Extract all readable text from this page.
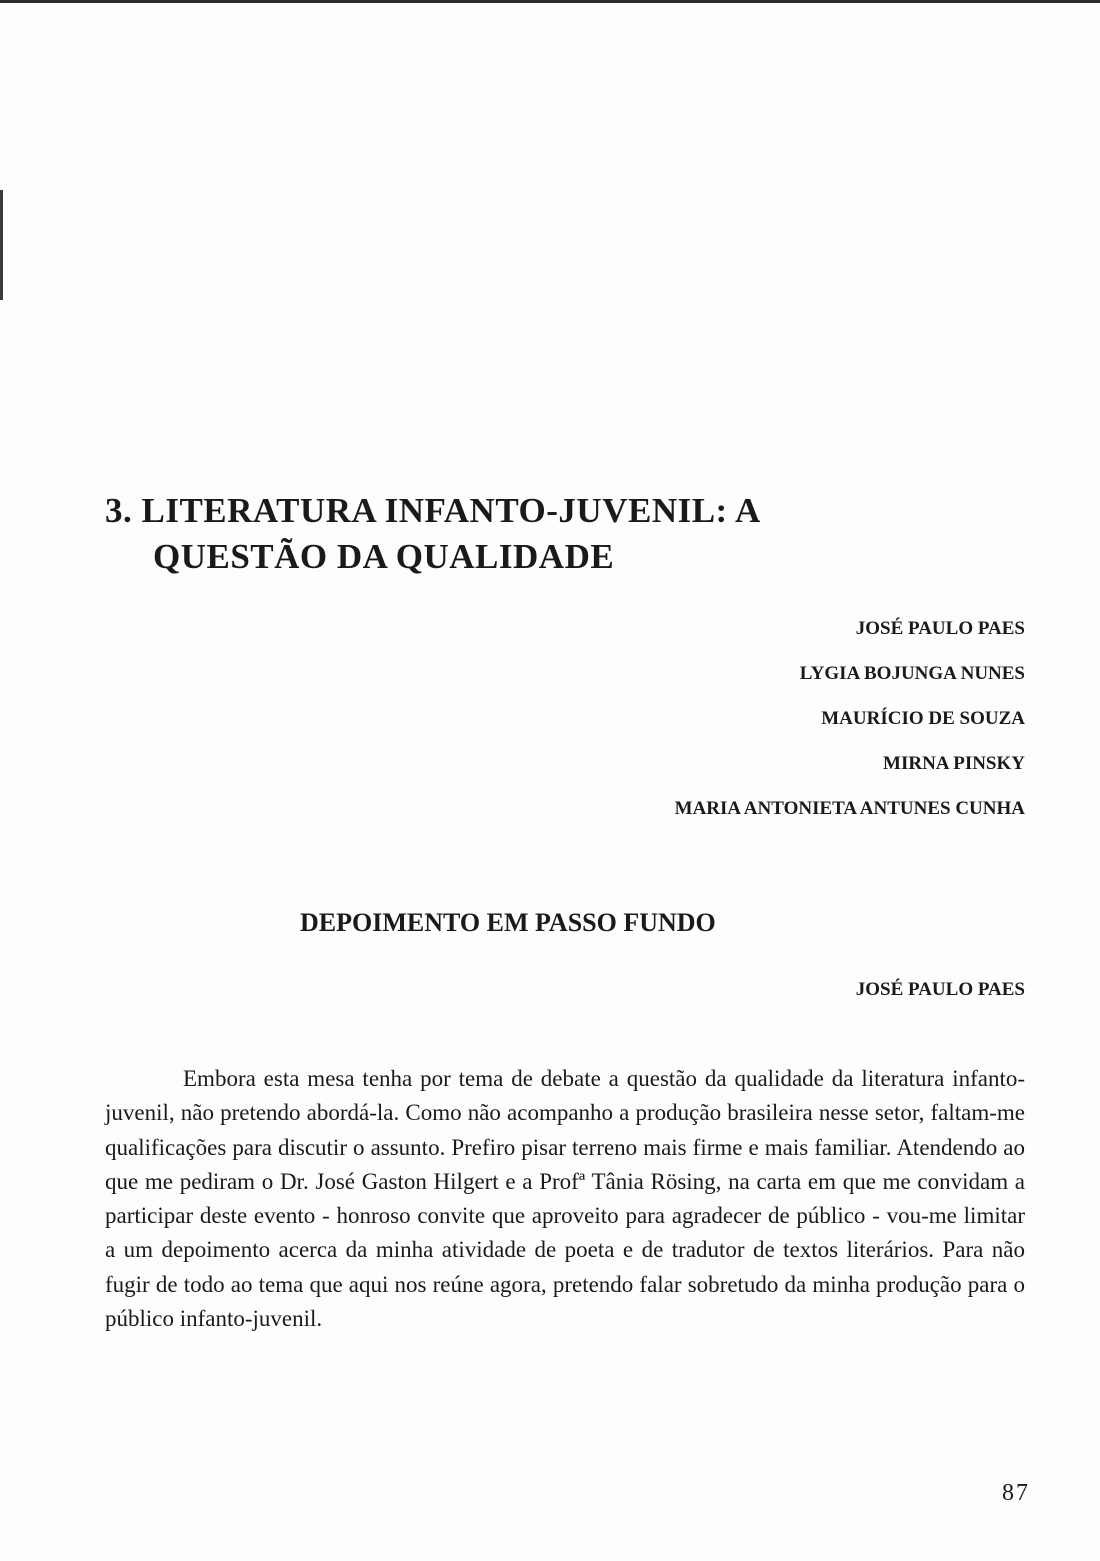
3. LITERATURA INFANTO-JUVENIL: A
QUESTÃO DA QUALIDADE
JOSÉ PAULO PAES
LYGIA BOJUNGA NUNES
MAURÍCIO DE SOUZA
MIRNA PINSKY
MARIA ANTONIETA ANTUNES CUNHA
DEPOIMENTO EM PASSO FUNDO
JOSÉ PAULO PAES

Embora esta mesa tenha por tema de debate a questão da qualidade da literatura infanto-juvenil, não pretendo abordá-la. Como não acompanho a produção brasileira nesse setor, faltam-me qualificações para discutir o assunto. Prefiro pisar terreno mais firme e mais familiar. Atendendo ao que me pediram o Dr. José Gaston Hilgert e a Profª Tânia Rösing, na carta em que me convidam a participar deste evento - honroso convite que aproveito para agradecer de público - vou-me limitar a um depoimento acerca da minha atividade de poeta e de tradutor de textos literários. Para não fugir de todo ao tema que aqui nos reúne agora, pretendo falar sobretudo da minha produção para o público infanto-juvenil.

87
